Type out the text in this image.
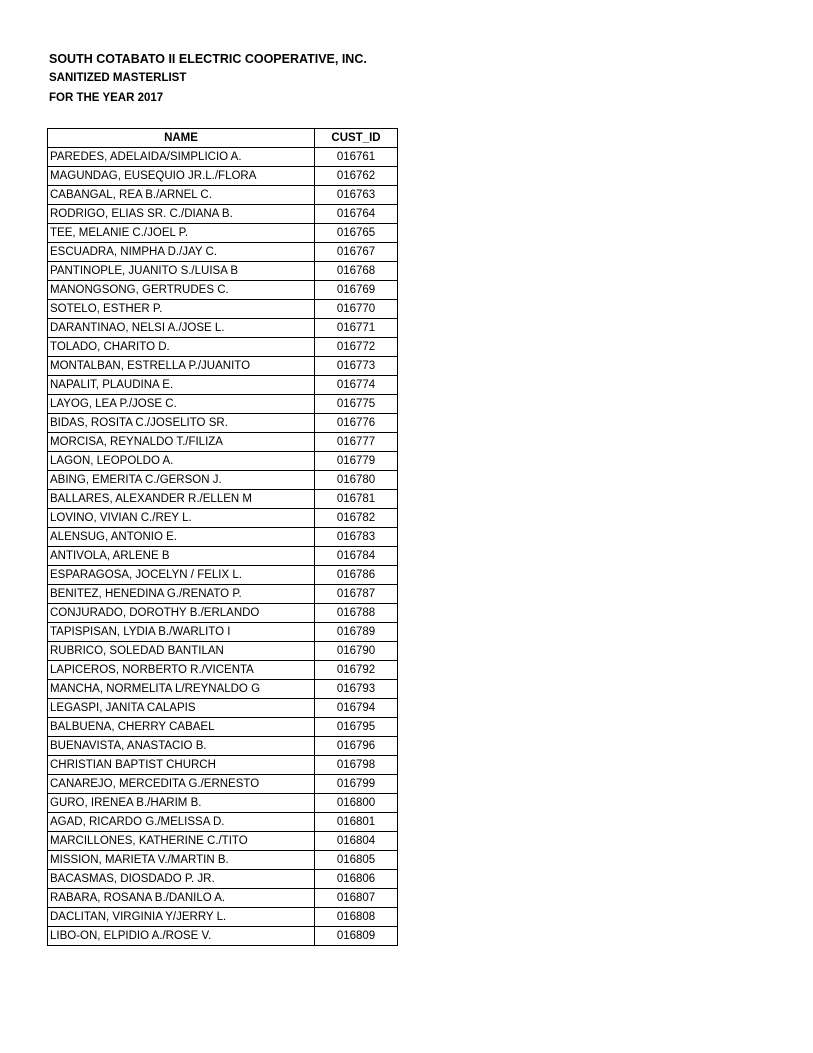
SOUTH COTABATO II ELECTRIC COOPERATIVE, INC.
SANITIZED MASTERLIST
FOR THE YEAR 2017
NAME	CUST_ID
PAREDES, ADELAIDA/SIMPLICIO A.	016761
MAGUNDAG, EUSEQUIO JR.L./FLORA	016762
CABANGAL, REA B./ARNEL C.	016763
RODRIGO, ELIAS SR. C./DIANA B.	016764
TEE, MELANIE C./JOEL P.	016765
ESCUADRA, NIMPHA D./JAY C.	016767
PANTINOPLE, JUANITO S./LUISA B	016768
MANONGSONG, GERTRUDES C.	016769
SOTELO, ESTHER P.	016770
DARANTINAO, NELSI A./JOSE L.	016771
TOLADO, CHARITO D.	016772
MONTALBAN, ESTRELLA P./JUANITO	016773
NAPALIT, PLAUDINA E.	016774
LAYOG, LEA P./JOSE C.	016775
BIDAS, ROSITA C./JOSELITO SR.	016776
MORCISA, REYNALDO T./FILIZA	016777
LAGON, LEOPOLDO A.	016779
ABING, EMERITA C./GERSON J.	016780
BALLARES, ALEXANDER R./ELLEN M	016781
LOVINO, VIVIAN C./REY L.	016782
ALENSUG, ANTONIO E.	016783
ANTIVOLA, ARLENE B	016784
ESPARAGOSA, JOCELYN / FELIX L.	016786
BENITEZ, HENEDINA G./RENATO P.	016787
CONJURADO, DOROTHY B./ERLANDO	016788
TAPISPISAN, LYDIA B./WARLITO I	016789
RUBRICO, SOLEDAD BANTILAN	016790
LAPICEROS, NORBERTO R./VICENTA	016792
MANCHA, NORMELITA L/REYNALDO G	016793
LEGASPI, JANITA CALAPIS	016794
BALBUENA, CHERRY CABAEL	016795
BUENAVISTA, ANASTACIO B.	016796
CHRISTIAN BAPTIST CHURCH	016798
CANAREJO, MERCEDITA G./ERNESTO	016799
GURO, IRENEA B./HARIM B.	016800
AGAD, RICARDO G./MELISSA D.	016801
MARCILLONES, KATHERINE C./TITO	016804
MISSION, MARIETA V./MARTIN B.	016805
BACASMAS, DIOSDADO P. JR.	016806
RABARA, ROSANA B./DANILO A.	016807
DACLITAN, VIRGINIA Y/JERRY L.	016808
LIBO-ON, ELPIDIO A./ROSE V.	016809
